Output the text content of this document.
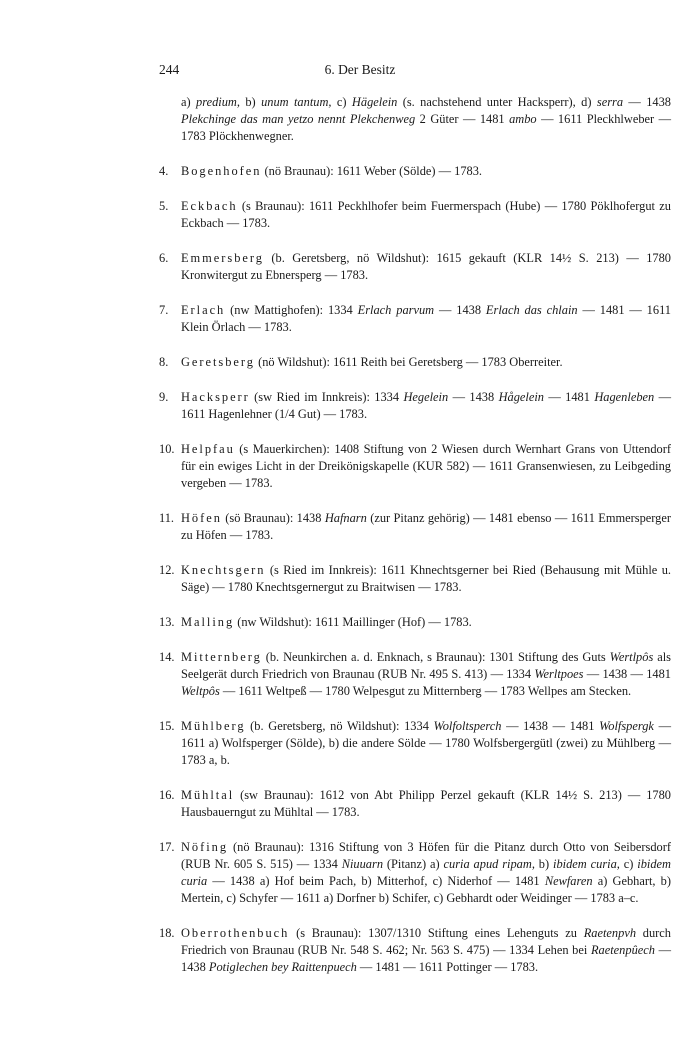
244	6. Der Besitz

a) predium, b) unum tantum, c) Hägelein (s. nachstehend unter Hacksperr), d) serra — 1438 Plekchinge das man yetzo nennt Plekchenweg 2 Güter — 1481 ambo — 1611 Pleckhlweber — 1783 Plöckhenwegner.

4.	Bogenhofen (nö Braunau): 1611 Weber (Sölde) — 1783.
5.	Eckbach (s Braunau): 1611 Peckhlhofer beim Fuermerspach (Hube) — 1780 Pöklhofergut zu Eckbach — 1783.
6.	Emmersberg (b. Geretsberg, nö Wildshut): 1615 gekauft (KLR 14½ S. 213) — 1780 Kronwitergut zu Ebnersperg — 1783.
7.	Erlach (nw Mattighofen): 1334 Erlach parvum — 1438 Erlach das chlain — 1481 — 1611 Klein Örlach — 1783.
8.	Geretsberg (nö Wildshut): 1611 Reith bei Geretsberg — 1783 Oberreiter.
9.	Hacksperr (sw Ried im Innkreis): 1334 Hegelein — 1438 Hågelein — 1481 Hagenleben — 1611 Hagenlehner (1/4 Gut) — 1783.
10. Helpfau (s Mauerkirchen): 1408 Stiftung von 2 Wiesen durch Wernhart Grans von Uttendorf für ein ewiges Licht in der Dreikönigskapelle (KUR 582) — 1611 Gransenwiesen, zu Leibgeding vergeben — 1783.
11. Höfen (sö Braunau): 1438 Hafnarn (zur Pitanz gehörig) — 1481 ebenso — 1611 Emmersperger zu Höfen — 1783.
12. Knechtsgern (s Ried im Innkreis): 1611 Khnechtsgerner bei Ried (Behausung mit Mühle u. Säge) — 1780 Knechtsgernergut zu Braitwisen — 1783.
13. Malling (nw Wildshut): 1611 Maillinger (Hof) — 1783.
14. Mitternberg (b. Neunkirchen a. d. Enknach, s Braunau): 1301 Stiftung des Guts Wertlpôs als Seelgerät durch Friedrich von Braunau (RUB Nr. 495 S. 413) — 1334 Werltpoes — 1438 — 1481 Weltpôs — 1611 Weltpeß — 1780 Welpesgut zu Mitternberg — 1783 Wellpes am Stecken.
15. Mühlberg (b. Geretsberg, nö Wildshut): 1334 Wolfoltsperch — 1438 — 1481 Wolfspergk — 1611 a) Wolfsperger (Sölde), b) die andere Sölde — 1780 Wolfsbergergütl (zwei) zu Mühlberg — 1783 a, b.
16. Mühltal (sw Braunau): 1612 von Abt Philipp Perzel gekauft (KLR 14½ S. 213) — 1780 Hausbauerngut zu Mühltal — 1783.
17. Nöfing (nö Braunau): 1316 Stiftung von 3 Höfen für die Pitanz durch Otto von Seibersdorf (RUB Nr. 605 S. 515) — 1334 Niuuarn (Pitanz) a) curia apud ripam, b) ibidem curia, c) ibidem curia — 1438 a) Hof beim Pach, b) Mitterhof, c) Niderhof — 1481 Newfaren a) Gebhart, b) Mertein, c) Schyfer — 1611 a) Dorfner b) Schifer, c) Gebhardt oder Weidinger — 1783 a–c.
18. Oberrothenbuch (s Braunau): 1307/1310 Stiftung eines Lehenguts zu Raetenpvh durch Friedrich von Braunau (RUB Nr. 548 S. 462; Nr. 563 S. 475) — 1334 Lehen bei Raetenpûech — 1438 Potiglechen bey Raittenpuech — 1481 — 1611 Pottinger — 1783.
